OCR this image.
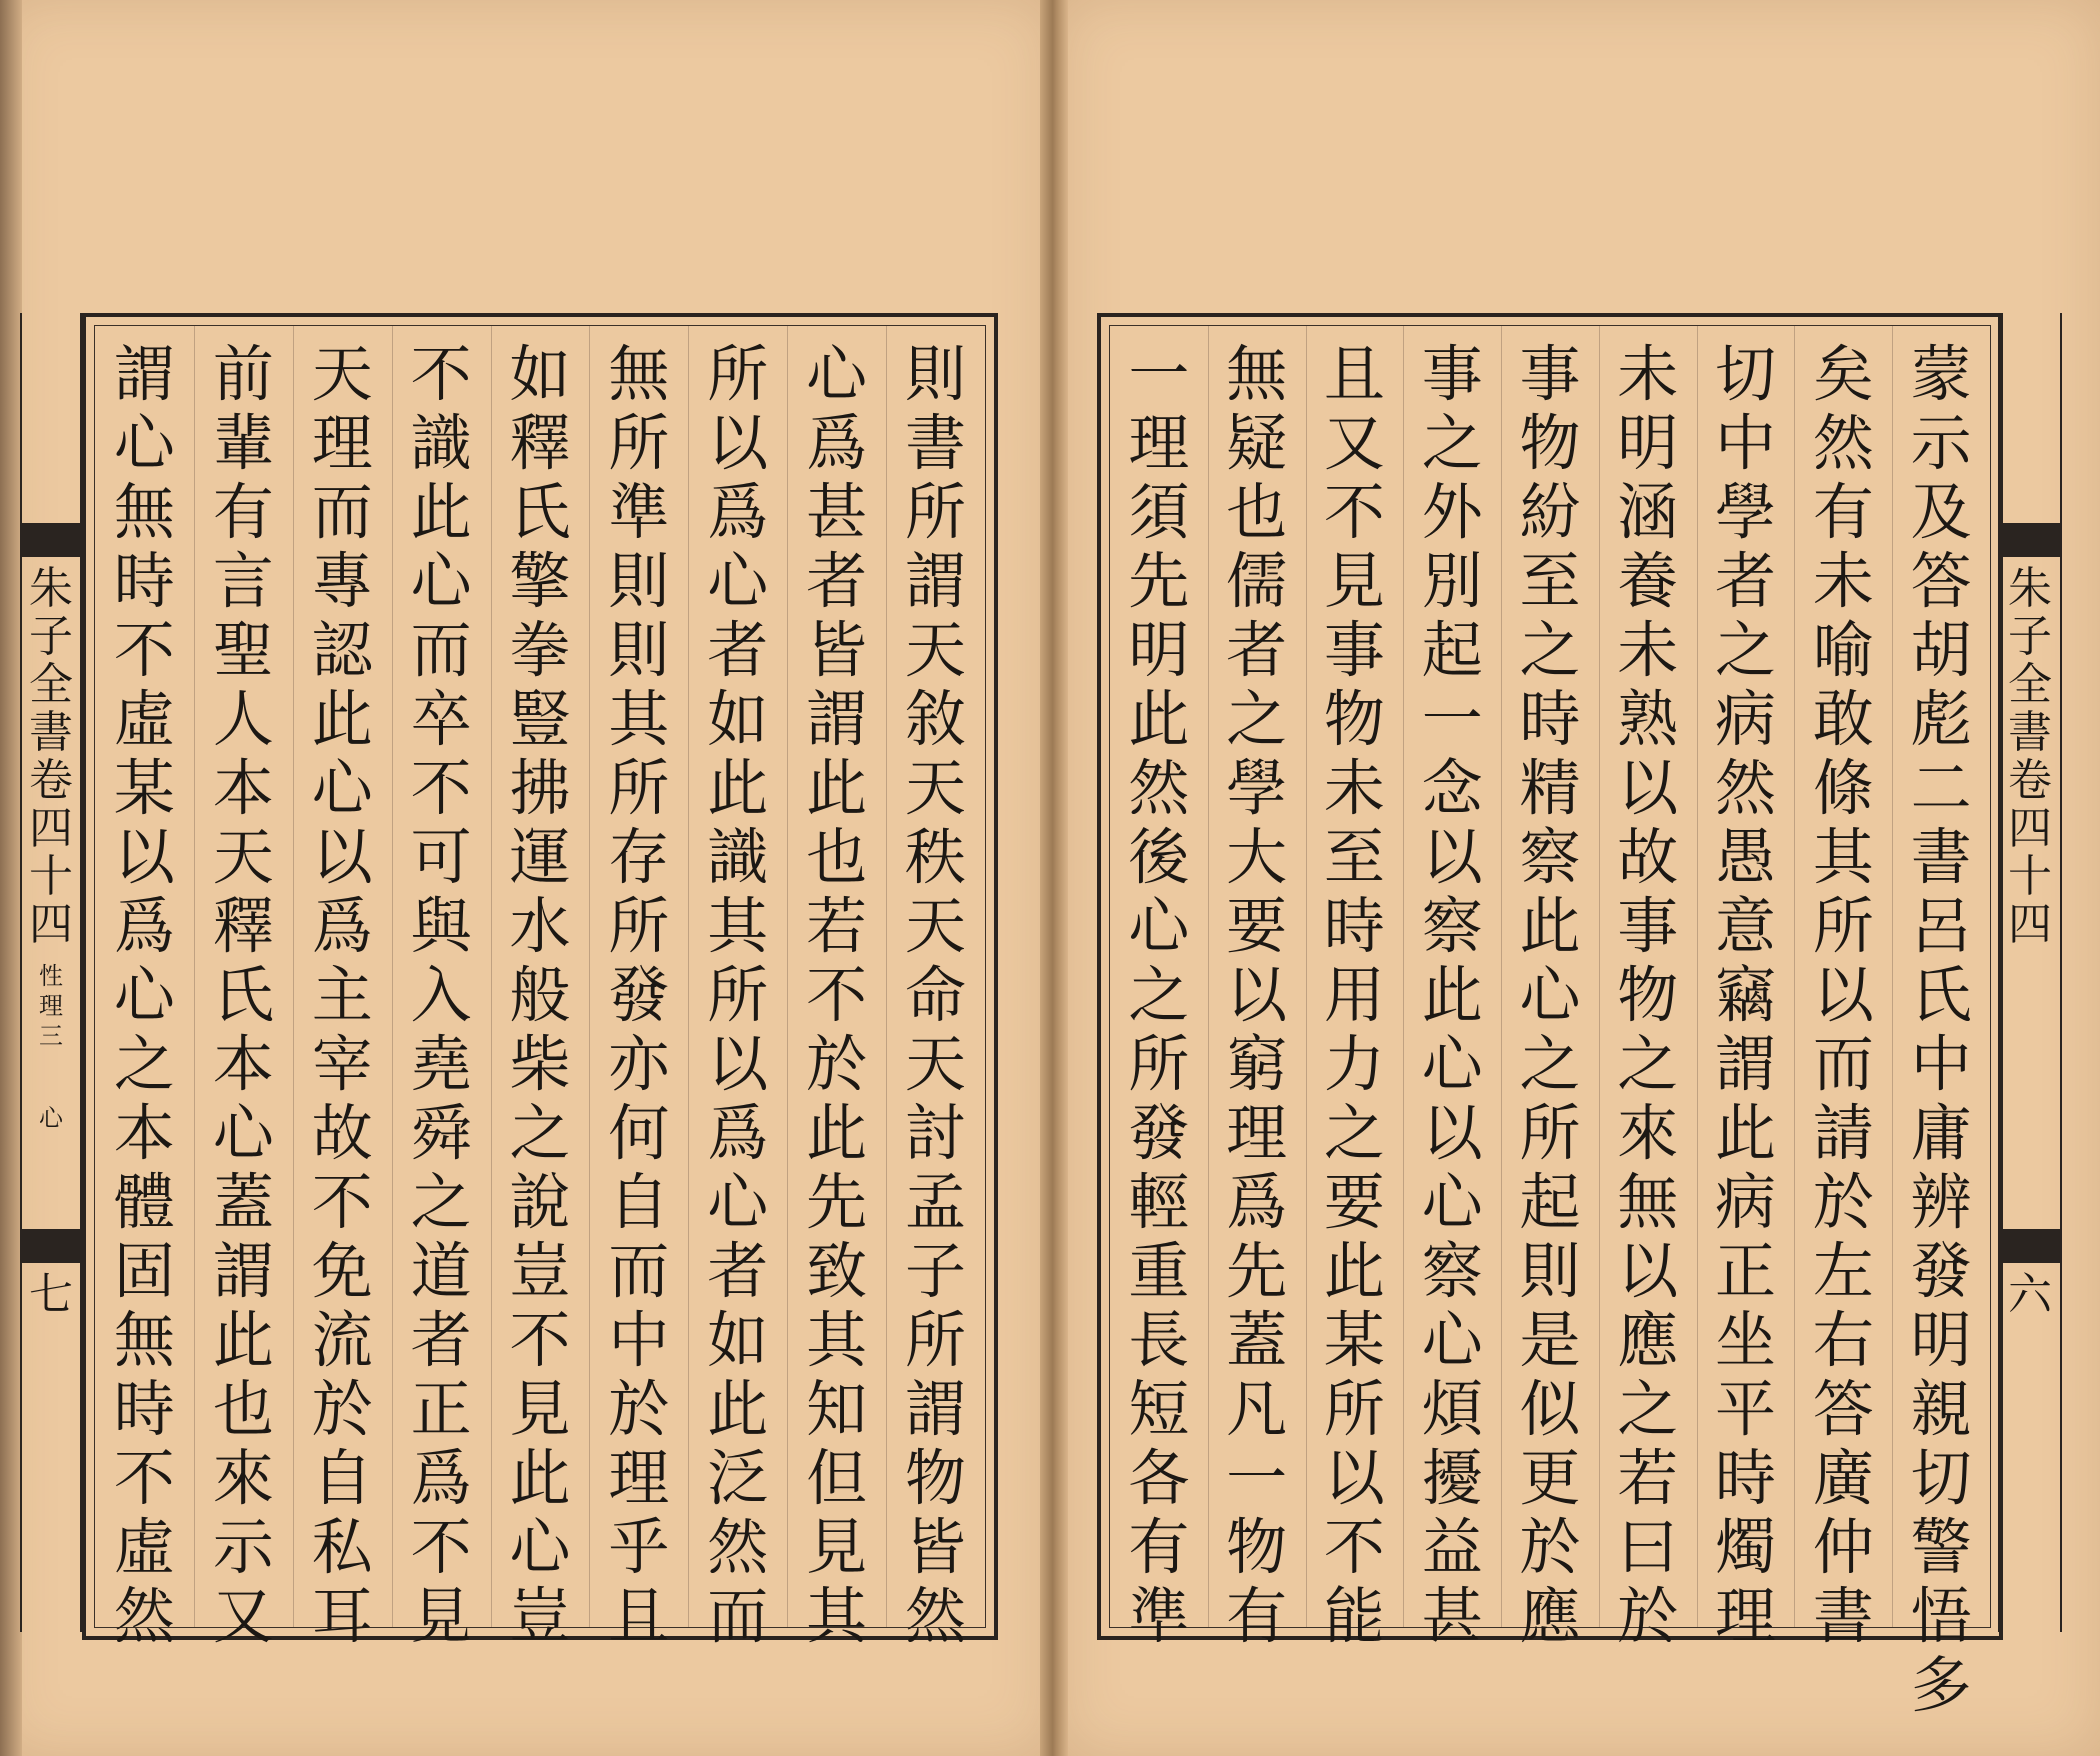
朱
子
全
書
卷
四
十
四
性
理
三
心
七
朱
子
全
書
卷
四
十
四
六
則
書
所
謂
天
敘
天
秩
天
命
天
討
孟
子
所
謂
物
皆
然
心
爲
甚
者
皆
謂
此
也
若
不
於
此
先
致
其
知
但
見
其
所
以
爲
心
者
如
此
識
其
所
以
爲
心
者
如
此
泛
然
而
無
所
準
則
則
其
所
存
所
發
亦
何
自
而
中
於
理
乎
且
如
釋
氏
擎
拳
豎
拂
運
水
般
柴
之
說
豈
不
見
此
心
豈
不
識
此
心
而
卒
不
可
與
入
堯
舜
之
道
者
正
爲
不
見
天
理
而
專
認
此
心
以
爲
主
宰
故
不
免
流
於
自
私
耳
前
輩
有
言
聖
人
本
天
釋
氏
本
心
蓋
謂
此
也
來
示
又
謂
心
無
時
不
虛
某
以
爲
心
之
本
體
固
無
時
不
虛
然
蒙
示
及
答
胡
彪
二
書
呂
氏
中
庸
辨
發
明
親
切
警
悟
多
矣
然
有
未
喻
敢
條
其
所
以
而
請
於
左
右
答
廣
仲
書
切
中
學
者
之
病
然
愚
意
竊
謂
此
病
正
坐
平
時
燭
理
未
明
涵
養
未
熟
以
故
事
物
之
來
無
以
應
之
若
曰
於
事
物
紛
至
之
時
精
察
此
心
之
所
起
則
是
似
更
於
應
事
之
外
別
起
一
念
以
察
此
心
以
心
察
心
煩
擾
益
甚
且
又
不
見
事
物
未
至
時
用
力
之
要
此
某
所
以
不
能
無
疑
也
儒
者
之
學
大
要
以
窮
理
爲
先
蓋
凡
一
物
有
一
理
須
先
明
此
然
後
心
之
所
發
輕
重
長
短
各
有
準
